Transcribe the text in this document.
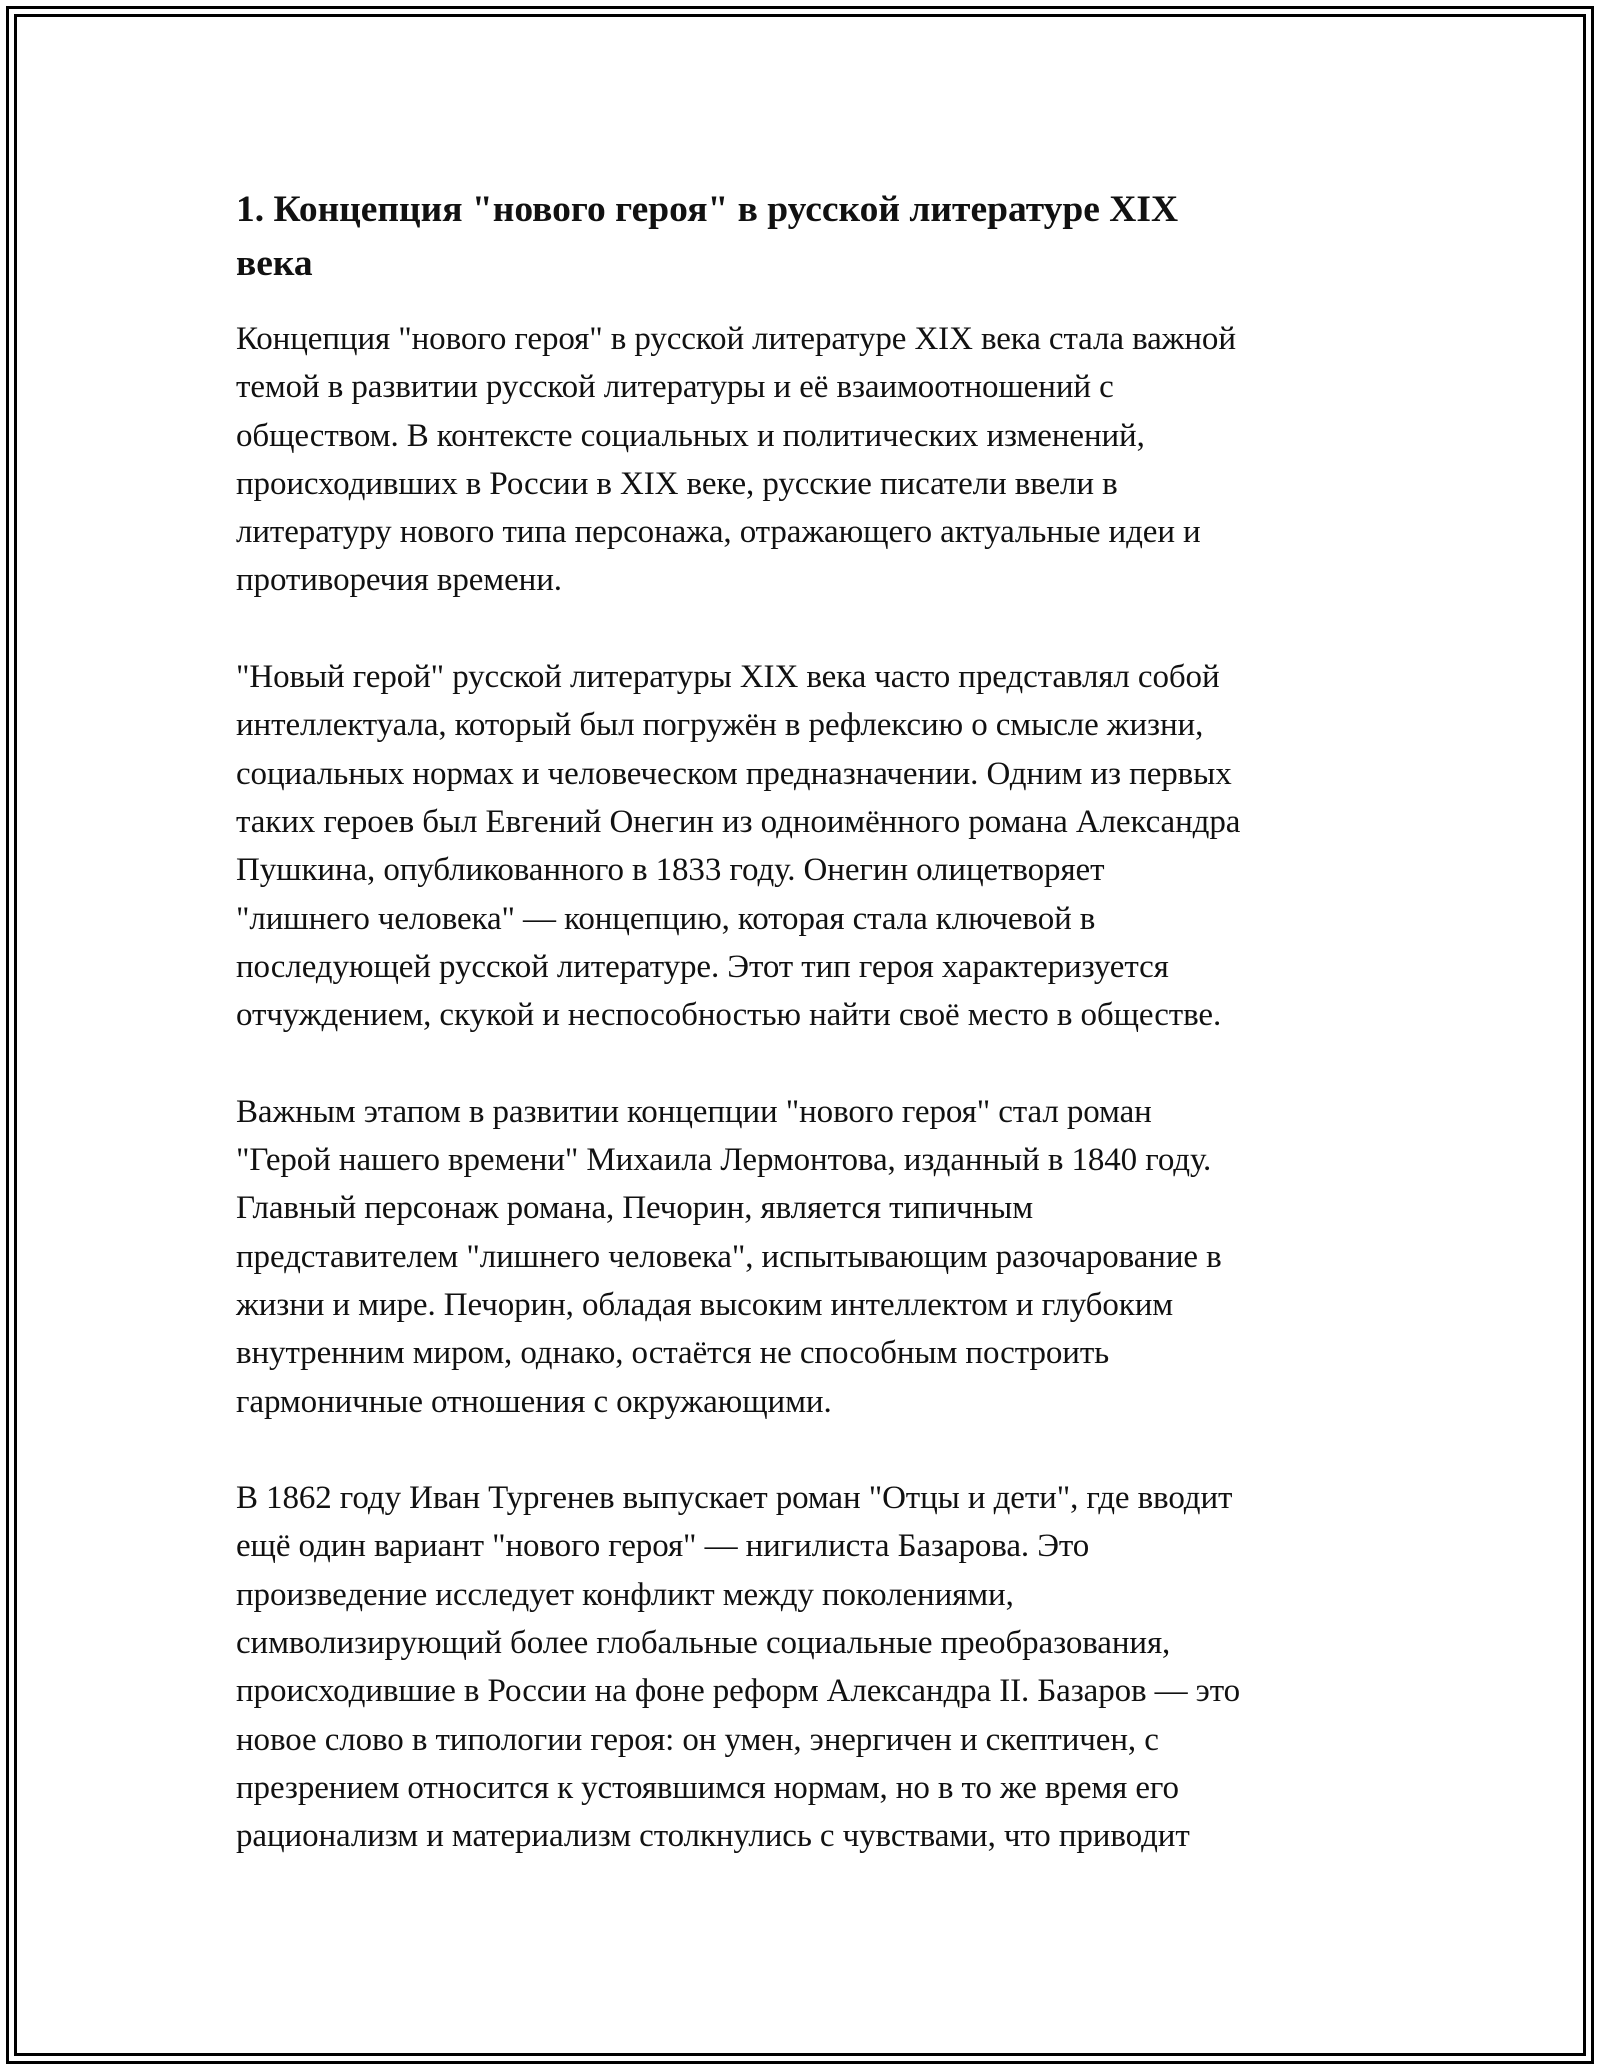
1. Концепция "нового героя" в русской литературе XIX
века

Концепция "нового героя" в русской литературе XIX века стала важной
темой в развитии русской литературы и её взаимоотношений с
обществом. В контексте социальных и политических изменений,
происходивших в России в XIX веке, русские писатели ввели в
литературу нового типа персонажа, отражающего актуальные идеи и
противоречия времени.

"Новый герой" русской литературы XIX века часто представлял собой
интеллектуала, который был погружён в рефлексию о смысле жизни,
социальных нормах и человеческом предназначении. Одним из первых
таких героев был Евгений Онегин из одноимённого романа Александра
Пушкина, опубликованного в 1833 году. Онегин олицетворяет
"лишнего человека" — концепцию, которая стала ключевой в
последующей русской литературе. Этот тип героя характеризуется
отчуждением, скукой и неспособностью найти своё место в обществе.

Важным этапом в развитии концепции "нового героя" стал роман
"Герой нашего времени" Михаила Лермонтова, изданный в 1840 году.
Главный персонаж романа, Печорин, является типичным
представителем "лишнего человека", испытывающим разочарование в
жизни и мире. Печорин, обладая высоким интеллектом и глубоким
внутренним миром, однако, остаётся не способным построить
гармоничные отношения с окружающими.

В 1862 году Иван Тургенев выпускает роман "Отцы и дети", где вводит
ещё один вариант "нового героя" — нигилиста Базарова. Это
произведение исследует конфликт между поколениями,
символизирующий более глобальные социальные преобразования,
происходившие в России на фоне реформ Александра II. Базаров — это
новое слово в типологии героя: он умен, энергичен и скептичен, с
презрением относится к устоявшимся нормам, но в то же время его
рационализм и материализм столкнулись с чувствами, что приводит
